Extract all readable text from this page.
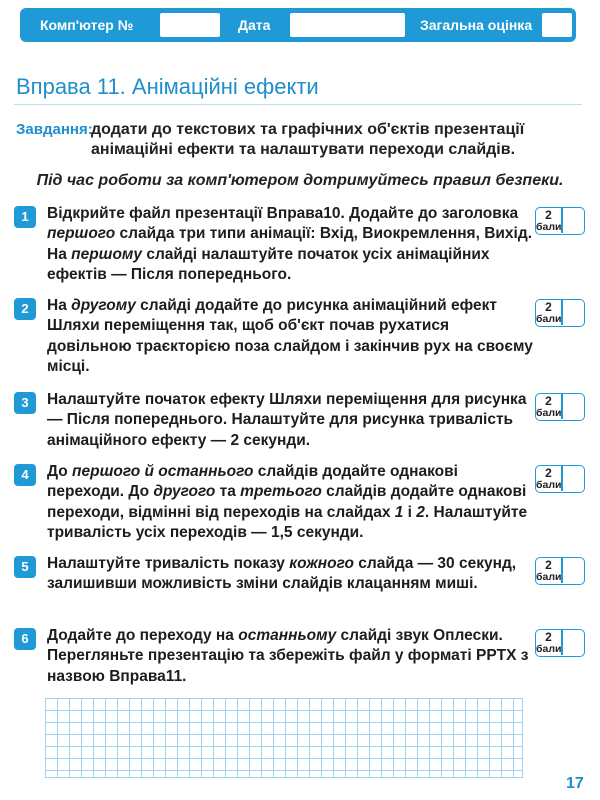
Комп'ютер №	Дата	Загальна оцінка
Вправа 11. Анімаційні ефекти
Завдання:
додати до текстових та графічних об'єктів презентації анімаційні ефекти та налаштувати переходи слайдів.
Під час роботи за комп'ютером дотримуйтесь правил безпеки.
1	Відкрийте файл презентації Вправа10. Додайте до заголовка першого слайда три типи анімації: Вхід, Виокремлення, Вихід. На першому слайді налаштуйте початок усіх анімаційних ефектів — Після попереднього.
2
бали
2	На другому слайді додайте до рисунка анімаційний ефект Шляхи переміщення так, щоб об'єкт почав рухатися довільною траєкторією поза слайдом і закінчив рух на своєму місці.
2
бали
3	Налаштуйте початок ефекту Шляхи переміщення для рисунка — Після попереднього. Налаштуйте для рисунка тривалість анімаційного ефекту — 2 секунди.
2
бали
4	До першого й останнього слайдів додайте однакові переходи. До другого та третього слайдів додайте однакові переходи, відмінні від переходів на слайдах 1 і 2. Налаштуйте тривалість усіх переходів — 1,5 секунди.
2
бали
5	Налаштуйте тривалість показу кожного слайда — 30 секунд, залишивши можливість зміни слайдів клацанням миші.
2
бали
6	Додайте до переходу на останньому слайді звук Оплески. Перегляньте презентацію та збережіть файл у форматі PPTX з назвою Вправа11.
2
бали
17
